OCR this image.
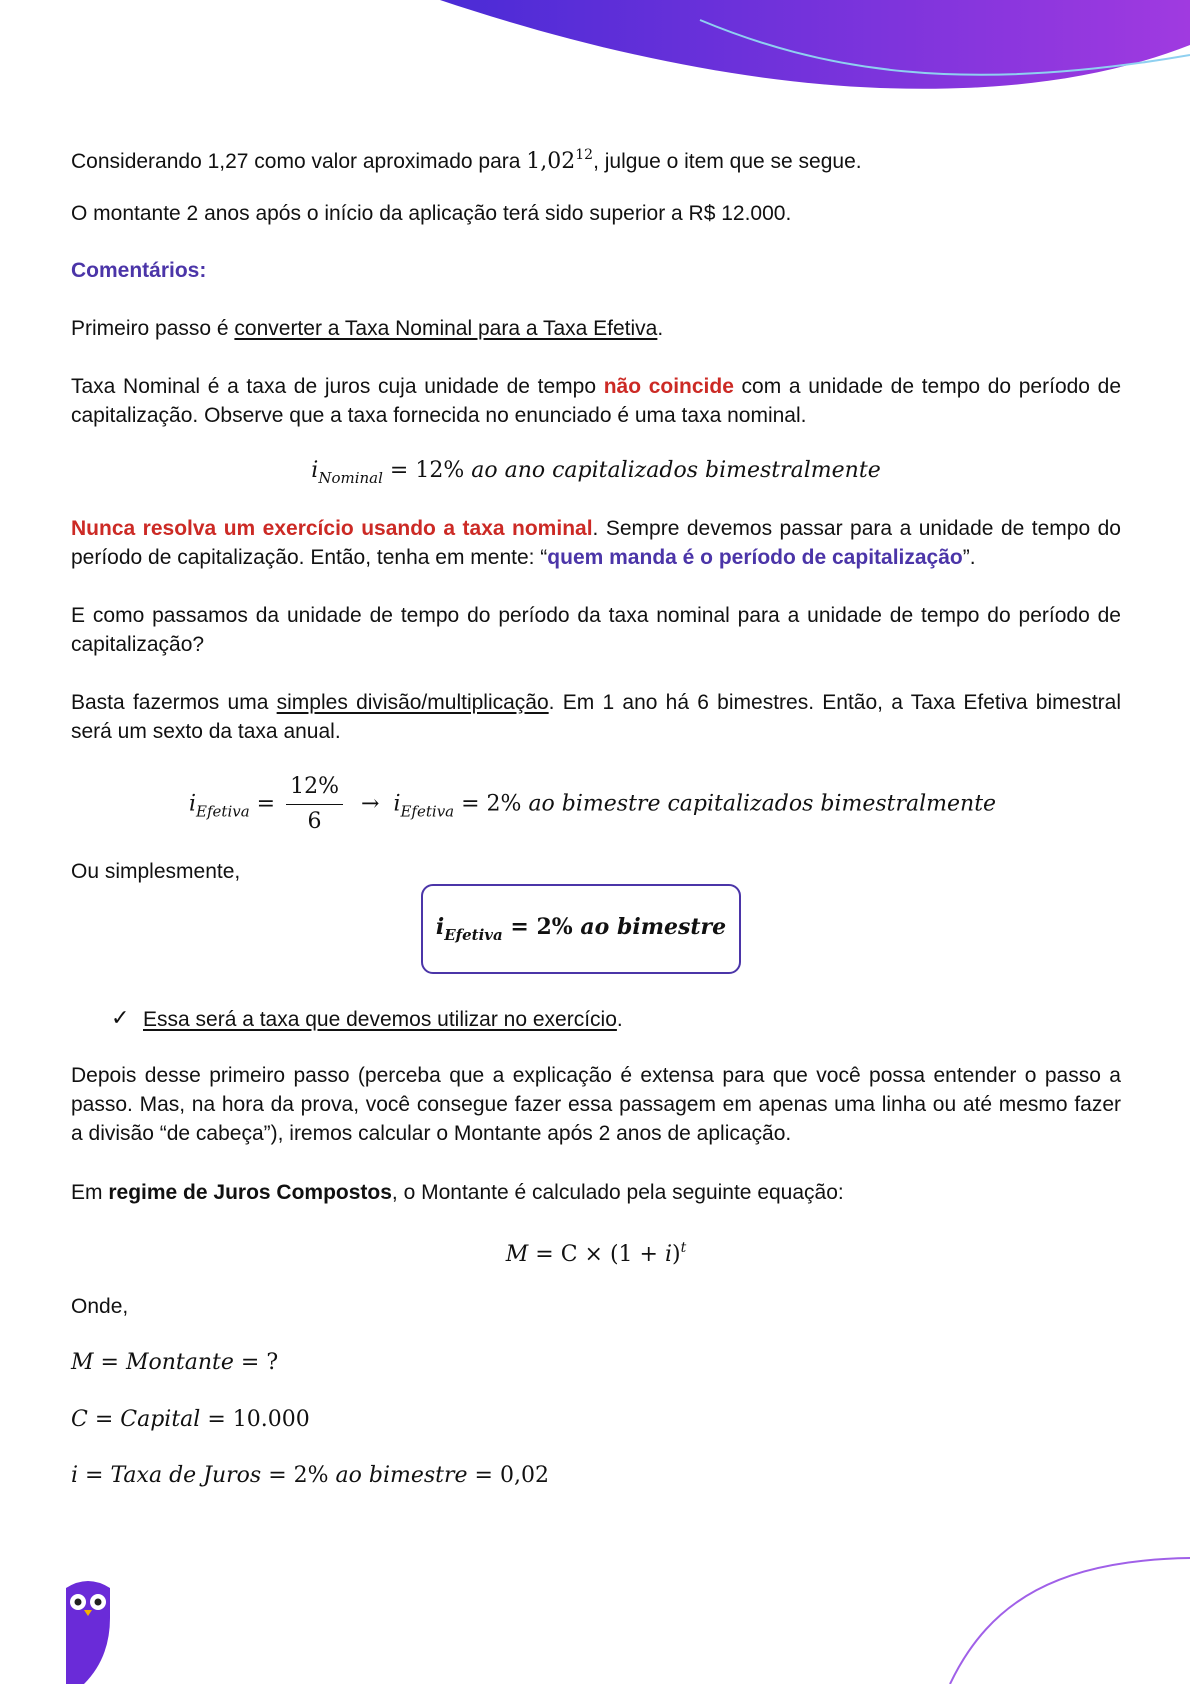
Considerando 1,27 como valor aproximado para 1,02$^{12}$, julgue o item que se segue.

O montante 2 anos após o início da aplicação terá sido superior a R$ 12.000.

Comentários:

Primeiro passo é converter a Taxa Nominal para a Taxa Efetiva.

Taxa Nominal é a taxa de juros cuja unidade de tempo não coincide com a unidade de tempo do período de capitalização. Observe que a taxa fornecida no enunciado é uma taxa nominal.

$i_{Nominal} = 12\%$ ao ano capitalizados bimestralmente

Nunca resolva um exercício usando a taxa nominal. Sempre devemos passar para a unidade de tempo do período de capitalização. Então, tenha em mente: “quem manda é o período de capitalização”.

E como passamos da unidade de tempo do período da taxa nominal para a unidade de tempo do período de capitalização?

Basta fazermos uma simples divisão/multiplicação. Em 1 ano há 6 bimestres. Então, a Taxa Efetiva bimestral será um sexto da taxa anual.

$i_{Efetiva} = \frac{12\%}{6} \to i_{Efetiva} = 2\%$ ao bimestre capitalizados bimestralmente

Ou simplesmente,

$i_{Efetiva} = 2\%$ ao bimestre
✓ Essa será a taxa que devemos utilizar no exercício.

Depois desse primeiro passo (perceba que a explicação é extensa para que você possa entender o passo a passo. Mas, na hora da prova, você consegue fazer essa passagem em apenas uma linha ou até mesmo fazer a divisão “de cabeça”), iremos calcular o Montante após 2 anos de aplicação.

Em regime de Juros Compostos, o Montante é calculado pela seguinte equação:

$M = C \times (1 + i)^t$

Onde,

M = Montante = ?

C = Capital = 10.000

i = Taxa de Juros = 2% ao bimestre = 0,02
